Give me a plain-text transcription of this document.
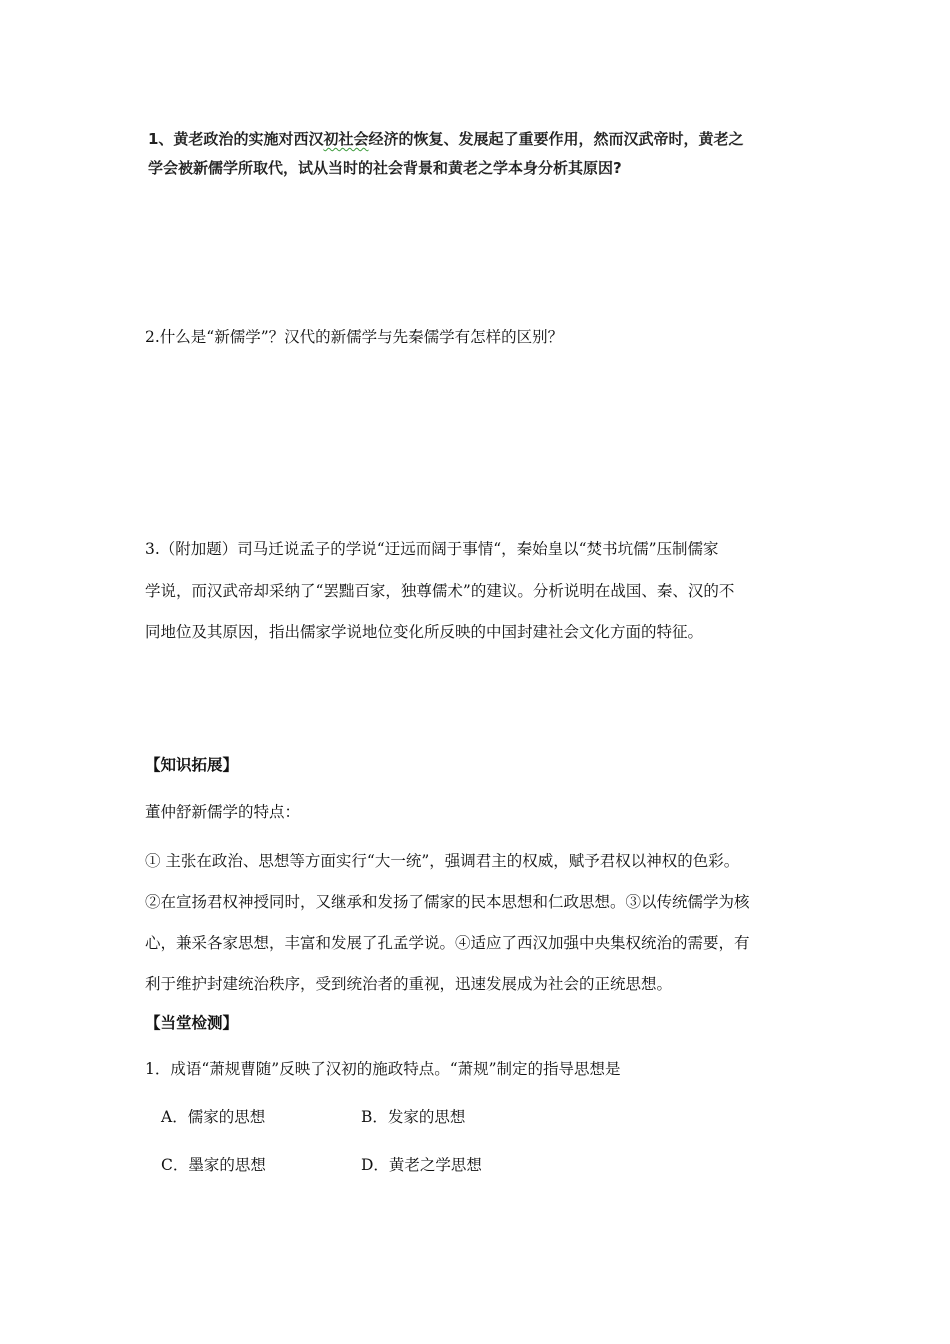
1、黄老政治的实施对西汉初社会经济的恢复、发展起了重要作用，然而汉武帝时，黄老之
学会被新儒学所取代，试从当时的社会背景和黄老之学本身分析其原因?
2.什么是“新儒学”？汉代的新儒学与先秦儒学有怎样的区别？
3.（附加题）司马迁说孟子的学说“迂远而阔于事情“，秦始皇以“焚书坑儒”压制儒家
学说，而汉武帝却采纳了“罢黜百家，独尊儒术”的建议。分析说明在战国、秦、汉的不
同地位及其原因，指出儒家学说地位变化所反映的中国封建社会文化方面的特征。
【知识拓展】
董仲舒新儒学的特点：
① 主张在政治、思想等方面实行“大一统”，强调君主的权威，赋予君权以神权的色彩。
②在宣扬君权神授同时，又继承和发扬了儒家的民本思想和仁政思想。③以传统儒学为核
心，兼采各家思想，丰富和发展了孔孟学说。④适应了西汉加强中央集权统治的需要，有
利于维护封建统治秩序，受到统治者的重视，迅速发展成为社会的正统思想。
【当堂检测】
1．成语“萧规曹随”反映了汉初的施政特点。“萧规”制定的指导思想是
A．儒家的思想	B．发家的思想
C．墨家的思想	D．黄老之学思想
